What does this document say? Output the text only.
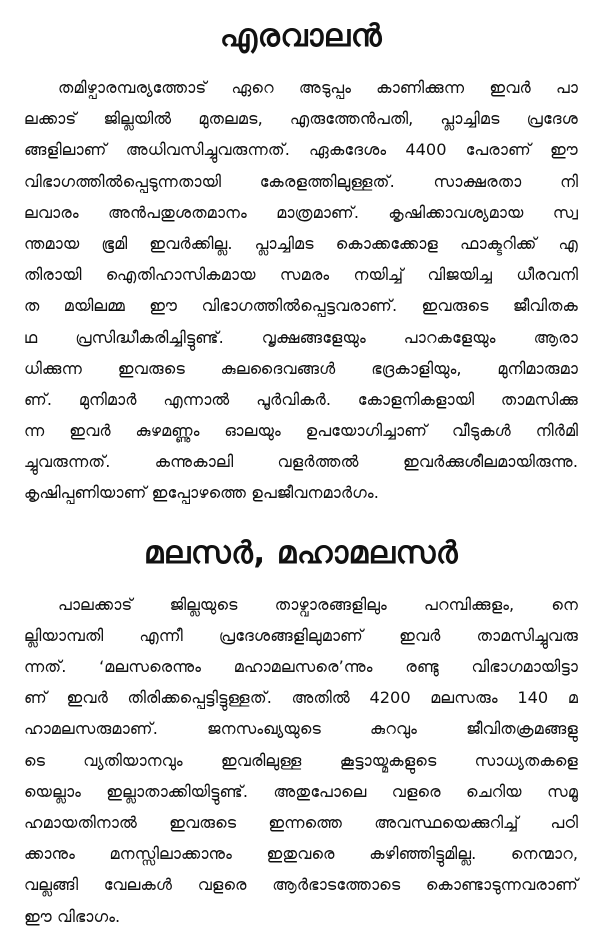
എരവാലൻ
തമിഴ്പാരമ്പര്യത്തോട് ഏറെ അടുപ്പം കാണിക്കുന്ന ഇവർ പാ
ലക്കാട് ജില്ലയിൽ മുതലമട, എരുത്തേൻപതി, പ്ലാച്ചിമട പ്രദേശ
ങ്ങളിലാണ് അധിവസിച്ചുവരുന്നത്. ഏകദേശം 4400 പേരാണ് ഈ
വിഭാഗത്തിൽപ്പെടുന്നതായി കേരളത്തിലുള്ളത്. സാക്ഷരതാ നി
ലവാരം അൻപതുശതമാനം മാത്രമാണ്. കൃഷിക്കാവശ്യമായ സ്വ
ന്തമായ ഭൂമി ഇവർക്കില്ല. പ്ലാച്ചിമട കൊക്കക്കോള ഫാക്ടറിക്ക് എ
തിരായി ഐതിഹാസികമായ സമരം നയിച്ച് വിജയിച്ച ധീരവനി
ത മയിലമ്മ ഈ വിഭാഗത്തിൽപ്പെട്ടവരാണ്. ഇവരുടെ ജീവിതക
ഥ പ്രസിദ്ധീകരിച്ചിട്ടുണ്ട്. വൃക്ഷങ്ങളേയും പാറകളേയും ആരാ
ധിക്കുന്ന ഇവരുടെ കുലദൈവങ്ങൾ ഭദ്രകാളിയും, മുനിമാരുമാ
ണ്. മുനിമാർ എന്നാൽ പൂർവികർ. കോളനികളായി താമസിക്കു
ന്ന ഇവർ കുഴമണ്ണും ഓലയും ഉപയോഗിച്ചാണ് വീടുകൾ നിർമി
ച്ചുവരുന്നത്. കന്നുകാലി വളർത്തൽ ഇവർക്കുശീലമായിരുന്നു.
കൃഷിപ്പണിയാണ് ഇപ്പോഴത്തെ ഉപജീവനമാർഗം.
മലസർ, മഹാമലസർ
പാലക്കാട് ജില്ലയുടെ താഴ്വാരങ്ങളിലും പറമ്പിക്കുളം, നെ
ല്ലിയാമ്പതി എന്നീ പ്രദേശങ്ങളിലുമാണ് ഇവർ താമസിച്ചുവരു
ന്നത്. ‘മലസരെന്നും മഹാമലസരെ’ന്നും രണ്ടു വിഭാഗമായിട്ടാ
ണ് ഇവർ തിരിക്കപ്പെട്ടിട്ടുള്ളത്. അതിൽ 4200 മലസരും 140 മ
ഹാമലസരുമാണ്. ജനസംഖ്യയുടെ കുറവും ജീവിതക്രമങ്ങളു
ടെ വ്യതിയാനവും ഇവരിലുള്ള കൂട്ടായ്മകളുടെ സാധ്യതകളെ
യെല്ലാം ഇല്ലാതാക്കിയിട്ടുണ്ട്. അതുപോലെ വളരെ ചെറിയ സമൂ
ഹമായതിനാൽ ഇവരുടെ ഇന്നത്തെ അവസ്ഥയെക്കുറിച്ച് പഠി
ക്കാനും മനസ്സിലാക്കാനും ഇതുവരെ കഴിഞ്ഞിട്ടുമില്ല. നെന്മാറ,
വല്ലങ്ങി വേലകൾ വളരെ ആർഭാടത്തോടെ കൊണ്ടാടുന്നവരാണ്
ഈ വിഭാഗം.
